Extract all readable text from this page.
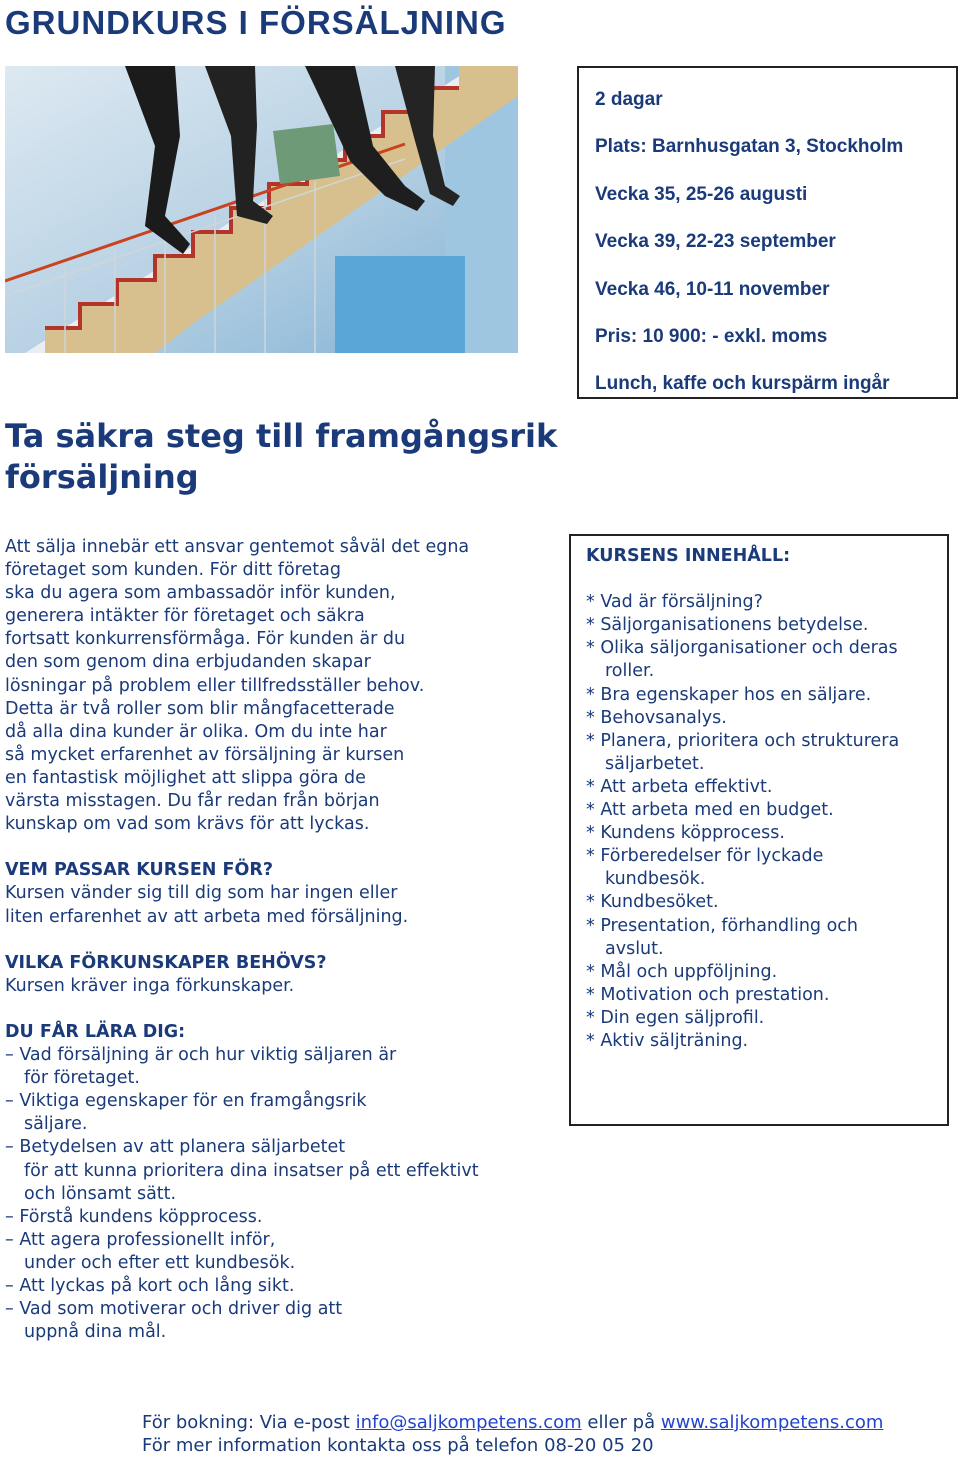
GRUNDKURS I FÖRSÄLJNING
2 dagar
Plats: Barnhusgatan 3, Stockholm
Vecka 35, 25-26 augusti
Vecka 39, 22-23 september
Vecka 46, 10-11 november
Pris: 10 900: - exkl. moms
Lunch, kaffe och kurspärm ingår
Ta säkra steg till framgångsrik försäljning
Att sälja innebär ett ansvar gentemot såväl det egna
företaget som kunden. För ditt företag
ska du agera som ambassadör inför kunden,
generera intäkter för företaget och säkra
fortsatt konkurrensförmåga. För kunden är du
den som genom dina erbjudanden skapar
lösningar på problem eller tillfredsställer behov.
Detta är två roller som blir mångfacetterade
då alla dina kunder är olika. Om du inte har
så mycket erfarenhet av försäljning är kursen
en fantastisk möjlighet att slippa göra de
värsta misstagen. Du får redan från början
kunskap om vad som krävs för att lyckas.
VEM PASSAR KURSEN FÖR?
Kursen vänder sig till dig som har ingen eller
liten erfarenhet av att arbeta med försäljning.
VILKA FÖRKUNSKAPER BEHÖVS?
Kursen kräver inga förkunskaper.
DU FÅR LÄRA DIG:
– Vad försäljning är och hur viktig säljaren är
för företaget.
– Viktiga egenskaper för en framgångsrik
säljare.
– Betydelsen av att planera säljarbetet
för att kunna prioritera dina insatser på ett effektivt
och lönsamt sätt.
– Förstå kundens köpprocess.
– Att agera professionellt inför,
under och efter ett kundbesök.
– Att lyckas på kort och lång sikt.
– Vad som motiverar och driver dig att
uppnå dina mål.
KURSENS INNEHÅLL:
* Vad är försäljning?
* Säljorganisationens betydelse.
* Olika säljorganisationer och deras
roller.
* Bra egenskaper hos en säljare.
* Behovsanalys.
* Planera, prioritera och strukturera
säljarbetet.
* Att arbeta effektivt.
* Att arbeta med en budget.
* Kundens köpprocess.
* Förberedelser för lyckade
kundbesök.
* Kundbesöket.
* Presentation, förhandling och
avslut.
* Mål och uppföljning.
* Motivation och prestation.
* Din egen säljprofil.
* Aktiv säljträning.
För bokning: Via e-post info@saljkompetens.com eller på www.saljkompetens.com
För mer information kontakta oss på telefon 08-20 05 20
